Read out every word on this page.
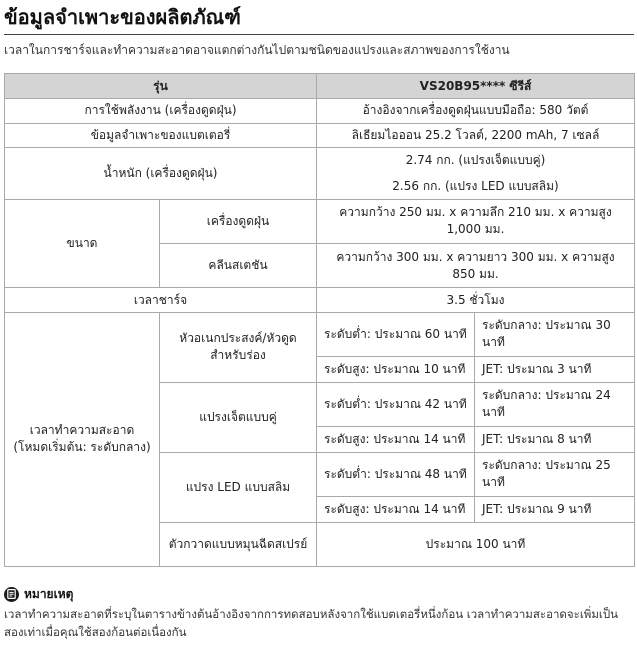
ข้อมูลจำเพาะของผลิตภัณฑ์

เวลาในการชาร์จและทำความสะอาดอาจแตกต่างกันไปตามชนิดของแปรงและสภาพของการใช้งาน

รุ่น		VS20B95**** ซีรีส์	
การใช้พลังงาน (เครื่องดูดฝุ่น)		อ้างอิงจากเครื่องดูดฝุ่นแบบมือถือ: 580 วัตต์	
ข้อมูลจำเพาะของแบตเตอรี่		ลิเธียมไอออน 25.2 โวลต์, 2200 mAh, 7 เซลล์	
น้ำหนัก (เครื่องดูดฝุ่น)		2.74 กก. (แปรงเจ็ตแบบคู่)	
		2.56 กก. (แปรง LED แบบสลิม)	
ขนาด	เครื่องดูดฝุ่น	ความกว้าง 250 มม. x ความลึก 210 มม. x ความสูง 1,000 มม.	
	คลีนสเตชัน	ความกว้าง 300 มม. x ความยาว 300 มม. x ความสูง 850 มม.	
เวลาชาร์จ		3.5 ชั่วโมง	
เวลาทำความสะอาด (โหมดเริ่มต้น: ระดับกลาง)	หัวอเนกประสงค์/หัวดูดสำหรับร่อง	ระดับต่ำ: ประมาณ 60 นาที	ระดับกลาง: ประมาณ 30 นาที
		ระดับสูง: ประมาณ 10 นาที	JET: ประมาณ 3 นาที
	แปรงเจ็ตแบบคู่	ระดับต่ำ: ประมาณ 42 นาที	ระดับกลาง: ประมาณ 24 นาที
		ระดับสูง: ประมาณ 14 นาที	JET: ประมาณ 8 นาที
	แปรง LED แบบสลิม	ระดับต่ำ: ประมาณ 48 นาที	ระดับกลาง: ประมาณ 25 นาที
		ระดับสูง: ประมาณ 14 นาที	JET: ประมาณ 9 นาที
	ตัวกวาดแบบหมุนฉีดสเปรย์	ประมาณ 100 นาที	
หมายเหตุ

เวลาทำความสะอาดที่ระบุในตารางข้างต้นอ้างอิงจากการทดสอบหลังจากใช้แบตเตอรี่หนึ่งก้อน เวลาทำความสะอาดจะเพิ่มเป็นสองเท่าเมื่อคุณใช้สองก้อนต่อเนื่องกัน
